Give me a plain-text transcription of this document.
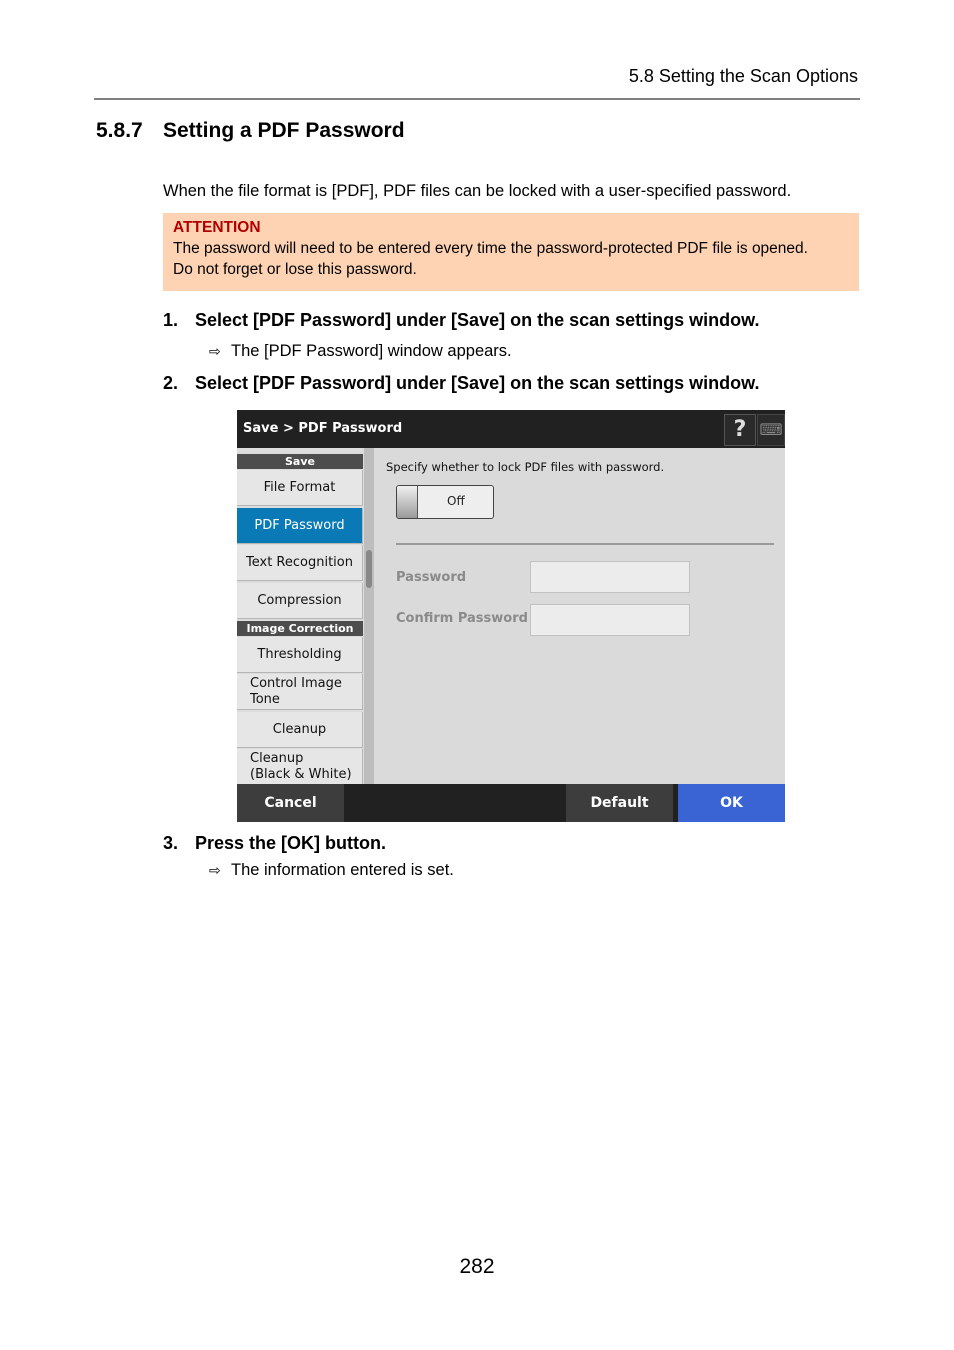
5.8 Setting the Scan Options
5.8.7 Setting a PDF Password
When the file format is [PDF], PDF files can be locked with a user-specified password.
ATTENTION
The password will need to be entered every time the password-protected PDF file is opened.
Do not forget or lose this password.
1. Select [PDF Password] under [Save] on the scan settings window.
⇨ The [PDF Password] window appears.
2. Select [PDF Password] under [Save] on the scan settings window.
Save > PDF Password	? ⌨
Save
File Format
PDF Password
Text Recognition
Compression
Image Correction
Thresholding
Control Image
Tone
Cleanup
Cleanup
(Black & White)
Specify whether to lock PDF files with password.
Off
Password
Confirm Password
Cancel	Default	OK
3. Press the [OK] button.
⇨ The information entered is set.
282
